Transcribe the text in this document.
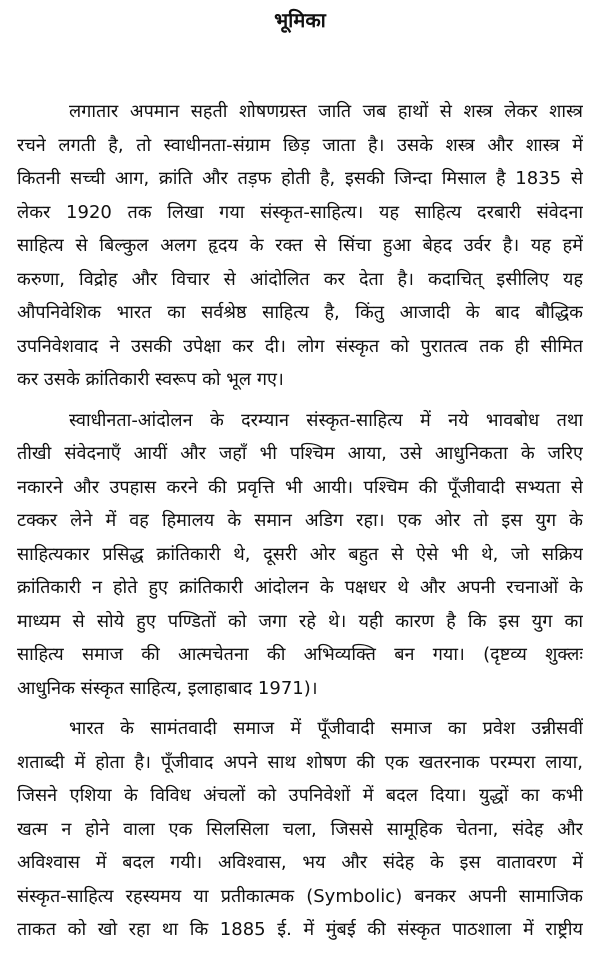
भूमिका
लगातार अपमान सहती शोषणग्रस्त जाति जब हाथों से शस्त्र लेकर शास्त्र
रचने लगती है, तो स्वाधीनता-संग्राम छिड़ जाता है। उसके शस्त्र और शास्त्र में
कितनी सच्ची आग, क्रांति और तड़फ होती है, इसकी जिन्दा मिसाल है 1835 से
लेकर 1920 तक लिखा गया संस्कृत-साहित्य। यह साहित्य दरबारी संवेदना
साहित्य से बिल्कुल अलग हृदय के रक्त से सिंचा हुआ बेहद उर्वर है। यह हमें
करुणा, विद्रोह और विचार से आंदोलित कर देता है। कदाचित् इसीलिए यह
औपनिवेशिक भारत का सर्वश्रेष्ठ साहित्य है, किंतु आजादी के बाद बौद्धिक
उपनिवेशवाद ने उसकी उपेक्षा कर दी। लोग संस्कृत को पुरातत्व तक ही सीमित
कर उसके क्रांतिकारी स्वरूप को भूल गए।
स्वाधीनता-आंदोलन के दरम्यान संस्कृत-साहित्य में नये भावबोध तथा
तीखी संवेदनाएँ आयीं और जहाँ भी पश्चिम आया, उसे आधुनिकता के जरिए
नकारने और उपहास करने की प्रवृत्ति भी आयी। पश्चिम की पूँजीवादी सभ्यता से
टक्कर लेने में वह हिमालय के समान अडिग रहा। एक ओर तो इस युग के
साहित्यकार प्रसिद्ध क्रांतिकारी थे, दूसरी ओर बहुत से ऐसे भी थे, जो सक्रिय
क्रांतिकारी न होते हुए क्रांतिकारी आंदोलन के पक्षधर थे और अपनी रचनाओं के
माध्यम से सोये हुए पण्डितों को जगा रहे थे। यही कारण है कि इस युग का
साहित्य समाज की आत्मचेतना की अभिव्यक्ति बन गया। (दृष्टव्य शुक्लः
आधुनिक संस्कृत साहित्य, इलाहाबाद 1971)।
भारत के सामंतवादी समाज में पूँजीवादी समाज का प्रवेश उन्नीसवीं
शताब्दी में होता है। पूँजीवाद अपने साथ शोषण की एक खतरनाक परम्परा लाया,
जिसने एशिया के विविध अंचलों को उपनिवेशों में बदल दिया। युद्धों का कभी
खत्म न होने वाला एक सिलसिला चला, जिससे सामूहिक चेतना, संदेह और
अविश्वास में बदल गयी। अविश्वास, भय और संदेह के इस वातावरण में
संस्कृत-साहित्य रहस्यमय या प्रतीकात्मक (Symbolic) बनकर अपनी सामाजिक
ताकत को खो रहा था कि 1885 ई. में मुंबई की संस्कृत पाठशाला में राष्ट्रीय
